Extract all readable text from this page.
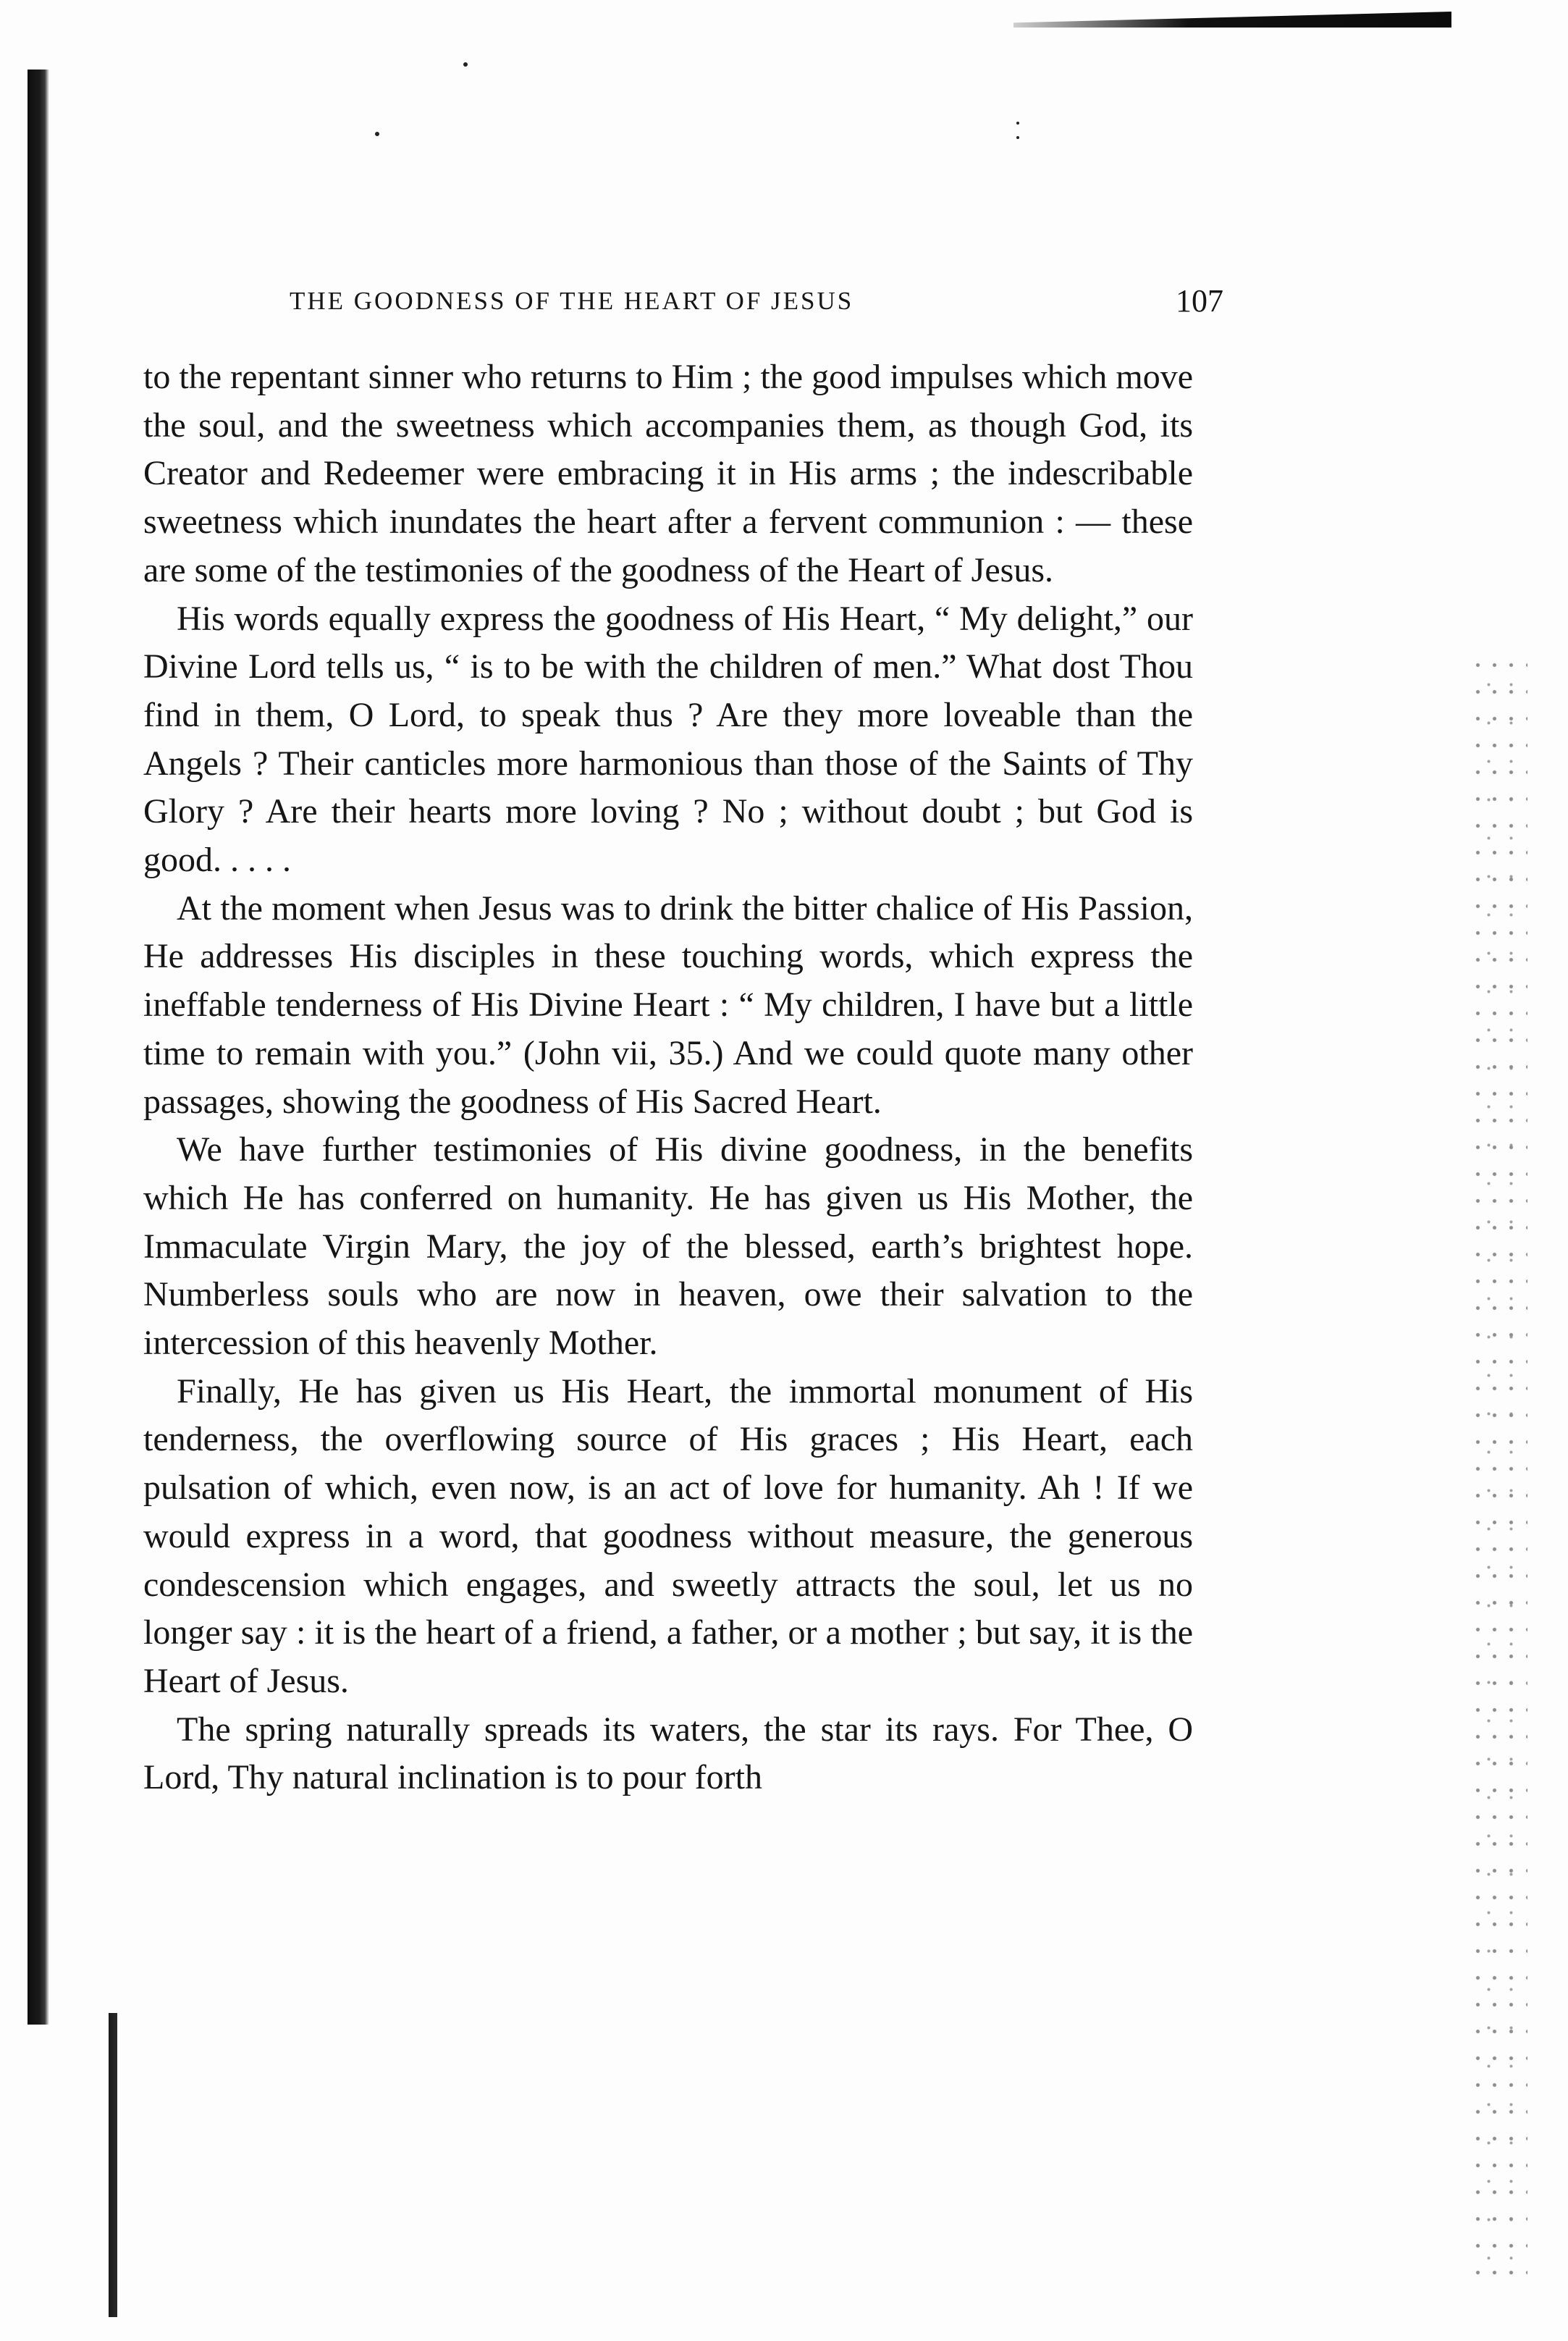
THE GOODNESS OF THE HEART OF JESUS	107

to the repentant sinner who returns to Him ; the good impulses which move the soul, and the sweetness which accompanies them, as though God, its Creator and Redeemer were embracing it in His arms ; the indescribable sweetness which inundates the heart after a fervent communion : — these are some of the testimonies of the goodness of the Heart of Jesus.

His words equally express the goodness of His Heart, “ My delight,” our Divine Lord tells us, “ is to be with the children of men.” What dost Thou find in them, O Lord, to speak thus ? Are they more loveable than the Angels ? Their canticles more harmonious than those of the Saints of Thy Glory ? Are their hearts more loving ? No ; without doubt ; but God is good. . . . .

At the moment when Jesus was to drink the bitter chalice of His Passion, He addresses His disciples in these touching words, which express the ineffable tenderness of His Divine Heart : “ My children, I have but a little time to remain with you.” (John vii, 35.) And we could quote many other passages, showing the goodness of His Sacred Heart.

We have further testimonies of His divine goodness, in the benefits which He has conferred on humanity. He has given us His Mother, the Immaculate Virgin Mary, the joy of the blessed, earth’s brightest hope. Numberless souls who are now in heaven, owe their salvation to the intercession of this heavenly Mother.

Finally, He has given us His Heart, the immortal monument of His tenderness, the overflowing source of His graces ; His Heart, each pulsation of which, even now, is an act of love for humanity. Ah ! If we would express in a word, that goodness without measure, the generous condescension which engages, and sweetly attracts the soul, let us no longer say : it is the heart of a friend, a father, or a mother ; but say, it is the Heart of Jesus.

The spring naturally spreads its waters, the star its rays. For Thee, O Lord, Thy natural inclination is to pour forth
